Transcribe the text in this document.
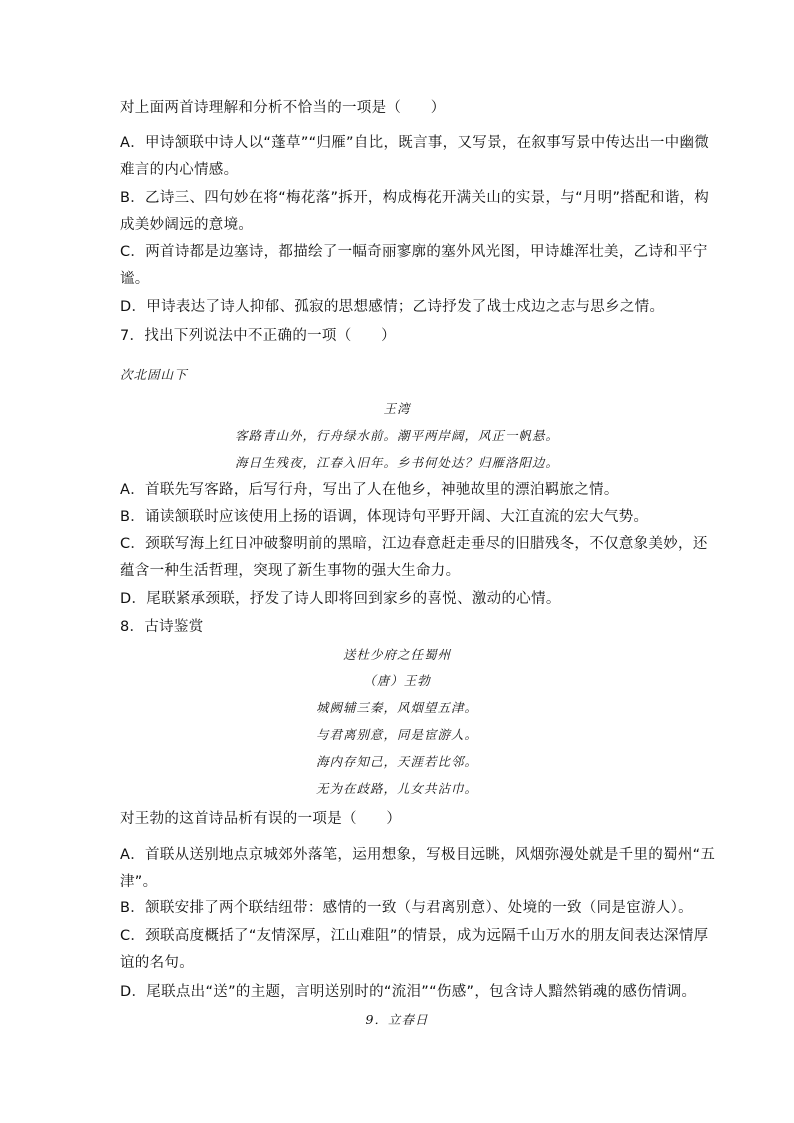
对上面两首诗理解和分析不恰当的一项是（　　）
A．甲诗颔联中诗人以“蓬草”“归雁”自比，既言事，又写景，在叙事写景中传达出一中幽微
难言的内心情感。
B．乙诗三、四句妙在将“梅花落”拆开，构成梅花开满关山的实景，与“月明”搭配和谐，构
成美妙阔远的意境。
C．两首诗都是边塞诗，都描绘了一幅奇丽寥廓的塞外风光图，甲诗雄浑壮美，乙诗和平宁
谧。
D．甲诗表达了诗人抑郁、孤寂的思想感情；乙诗抒发了战士戍边之志与思乡之情。
7．找出下列说法中不正确的一项（　　）
次北固山下
王湾
客路青山外，行舟绿水前。潮平两岸阔，风正一帆悬。
海日生残夜，江春入旧年。乡书何处达？归雁洛阳边。
A．首联先写客路，后写行舟，写出了人在他乡，神驰故里的漂泊羁旅之情。
B．诵读颔联时应该使用上扬的语调，体现诗句平野开阔、大江直流的宏大气势。
C．颈联写海上红日冲破黎明前的黑暗，江边春意赶走垂尽的旧腊残冬，不仅意象美妙，还
蕴含一种生活哲理，突现了新生事物的强大生命力。
D．尾联紧承颈联，抒发了诗人即将回到家乡的喜悦、激动的心情。
8．古诗鉴赏
送杜少府之任蜀州
（唐）王勃
城阙辅三秦，风烟望五津。
与君离别意，同是宦游人。
海内存知己，天涯若比邻。
无为在歧路，儿女共沾巾。
对王勃的这首诗品析有误的一项是（　　）
A．首联从送别地点京城郊外落笔，运用想象，写极目远眺，风烟弥漫处就是千里的蜀州“五
津”。
B．颔联安排了两个联结纽带：感情的一致（与君离别意）、处境的一致（同是宦游人）。
C．颈联高度概括了“友情深厚，江山难阻”的情景，成为远隔千山万水的朋友间表达深情厚
谊的名句。
D．尾联点出“送”的主题，言明送别时的“流泪”“伤感”，包含诗人黯然销魂的感伤情调。
9．立春日
